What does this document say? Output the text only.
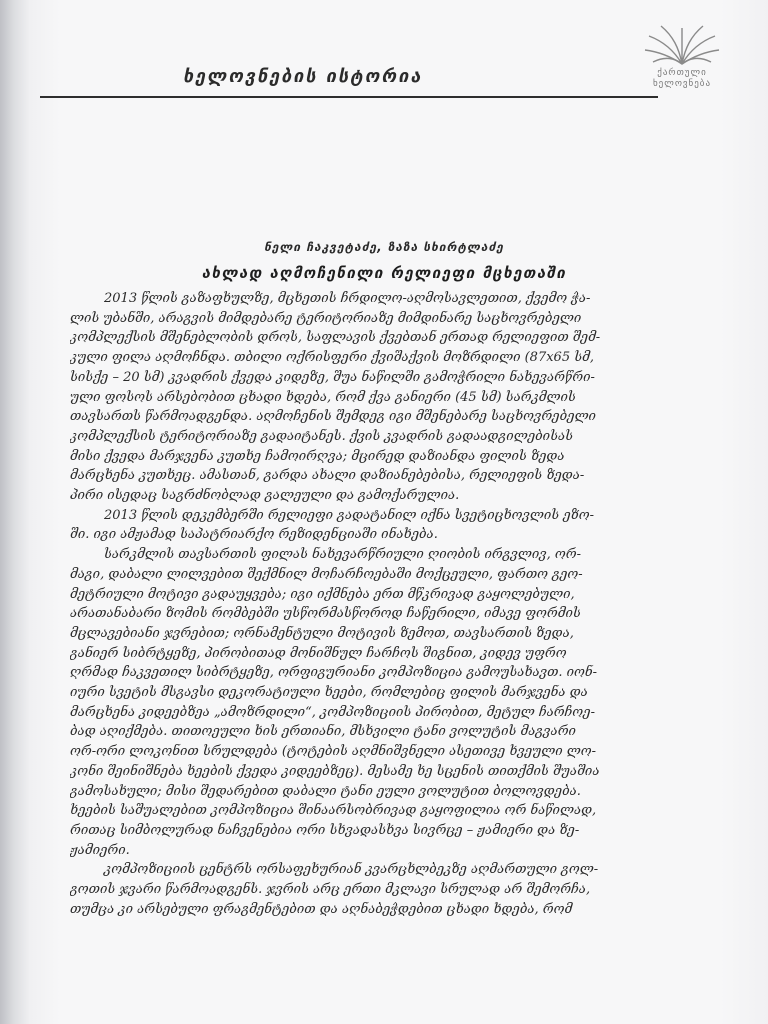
ხელოვნების ისტორია	ქართული
ხელოვნება
ნელი ჩაკვეტაძე, ზაზა სხირტლაძე
ახლად აღმოჩენილი რელიეფი მცხეთაში

2013 წლის გაზაფხულზე, მცხეთის ჩრდილო-აღმოსავლეთით, ქვემო ჭა-
ლის უბანში, არაგვის მიმდებარე ტერიტორიაზე მიმდინარე საცხოვრებელი
კომპლექსის მშენებლობის დროს, საფლავის ქვებთან ერთად რელიეფით შემ-
კული ფილა აღმოჩნდა. თბილი ოქრისფერი ქვიშაქვის მოზრდილი (87x65 სმ,
სისქე – 20 სმ) კვადრის ქვედა კიდეზე, შუა ნაწილში გამოჭრილი ნახევარწრი-
ული ფოსოს არსებობით ცხადი ხდება, რომ ქვა განიერი (45 სმ) სარკმლის
თავსართს წარმოადგენდა. აღმოჩენის შემდეგ იგი მშენებარე საცხოვრებელი
კომპლექსის ტერიტორიაზე გადაიტანეს. ქვის კვადრის გადაადგილებისას
მისი ქვედა მარჯვენა კუთხე ჩამოირღვა; მცირედ დაზიანდა ფილის ზედა
მარცხენა კუთხეც. ამასთან, გარდა ახალი დაზიანებებისა, რელიეფის ზედა-
პირი ისედაც საგრძნობლად გალეული და გამოქარულია.

2013 წლის დეკემბერში რელიეფი გადატანილ იქნა სვეტიცხოვლის ეზო-
ში. იგი ამჟამად საპატრიარქო რეზიდენციაში ინახება.

სარკმლის თავსართის ფილას ნახევარწრიული ღიობის ირგვლივ, ორ-
მაგი, დაბალი ლილვებით შექმნილ მოჩარჩოებაში მოქცეული, ფართო გეო-
მეტრიული მოტივი გადაუყვება; იგი იქმნება ერთ მწკრივად გაყოლებული,
არათანაბარი ზომის რომბებში უსწორმასწოროდ ჩაწერილი, იმავე ფორმის
მცლავებიანი ჯვრებით; ორნამენტული მოტივის ზემოთ, თავსართის ზედა,
განიერ სიბრტყეზე, პირობითად მონიშნულ ჩარჩოს შიგნით, კიდევ უფრო
ღრმად ჩაკვეთილ სიბრტყეზე, ორფიგურიანი კომპოზიცია გამოუსახავთ. იონ-
იური სვეტის მსგავსი დეკორატიული ხეები, რომლებიც ფილის მარჯვენა და
მარცხენა კიდეებზეა „ამოზრდილი“, კომპოზიციის პირობით, მეტულ ჩარჩოე-
ბად აღიქმება. თითოეული ხის ერთიანი, მსხვილი ტანი ვოლუტის მაგვარი
ორ-ორი ლოკონით სრულდება (ტოტების აღმნიშვნელი ასეთივე ხვეული ლო-
კონი შეინიშნება ხეების ქვედა კიდეებზეც). მესამე ხე სცენის თითქმის შუაშია
გამოსახული; მისი შედარებით დაბალი ტანი ეული ვოლუტით ბოლოვდება.
ხეების საშუალებით კომპოზიცია შინაარსობრივად გაყოფილია ორ ნაწილად,
რითაც სიმბოლურად ნაჩვენებია ორი სხვადასხვა სივრცე – ჟამიერი და ზე-
ჟამიერი.

კომპოზიციის ცენტრს ორსაფეხურიან კვარცხლბეკზე აღმართული გოლ-
გოთის ჯვარი წარმოადგენს. ჯვრის არც ერთი მკლავი სრულად არ შემორჩა,
თუმცა კი არსებული ფრაგმენტებით და აღნაბეჭდებით ცხადი ხდება, რომ
